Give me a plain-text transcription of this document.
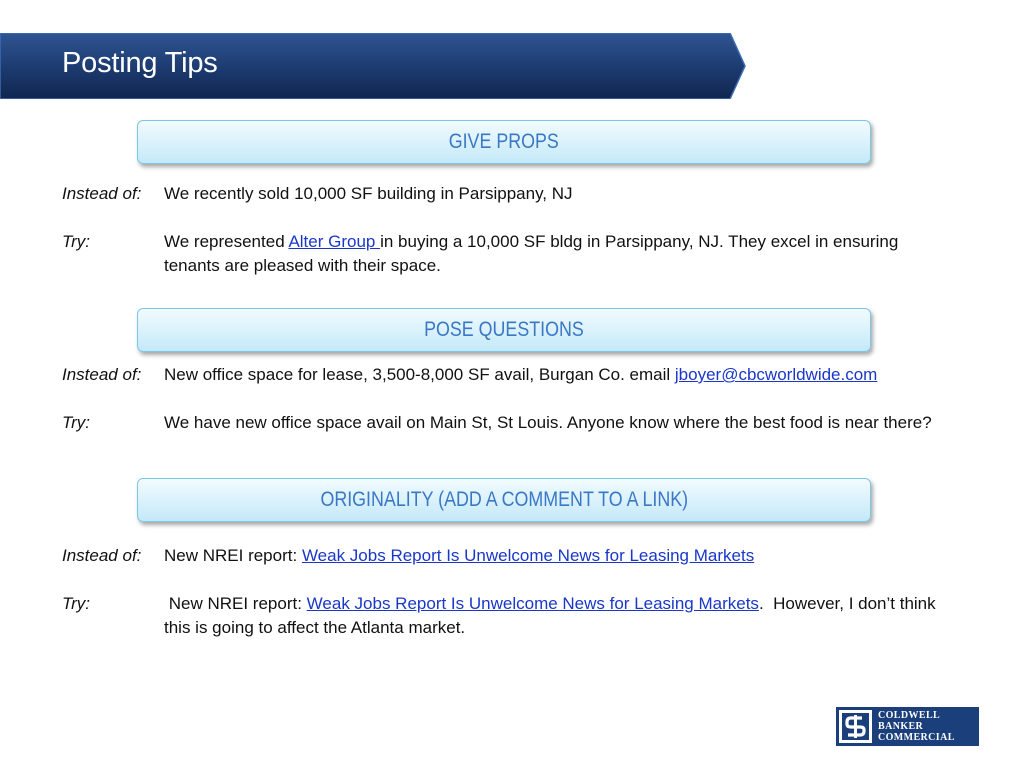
Posting Tips
GIVE PROPS
Instead of: We recently sold 10,000 SF building in Parsippany, NJ
Try:	We represented Alter Group in buying a 10,000 SF bldg in Parsippany, NJ. They excel in ensuring tenants are pleased with their space.
POSE QUESTIONS
Instead of: New office space for lease, 3,500-8,000 SF avail, Burgan Co. email jboyer@cbcworldwide.com
Try:	We have new office space avail on Main St, St Louis. Anyone know where the best food is near there?
ORIGINALITY (ADD A COMMENT TO A LINK)
Instead of: New NREI report: Weak Jobs Report Is Unwelcome News for Leasing Markets
Try:	New NREI report: Weak Jobs Report Is Unwelcome News for Leasing Markets.  However, I don’t think this is going to affect the Atlanta market.
COLDWELL
BANKER
COMMERCIAL
